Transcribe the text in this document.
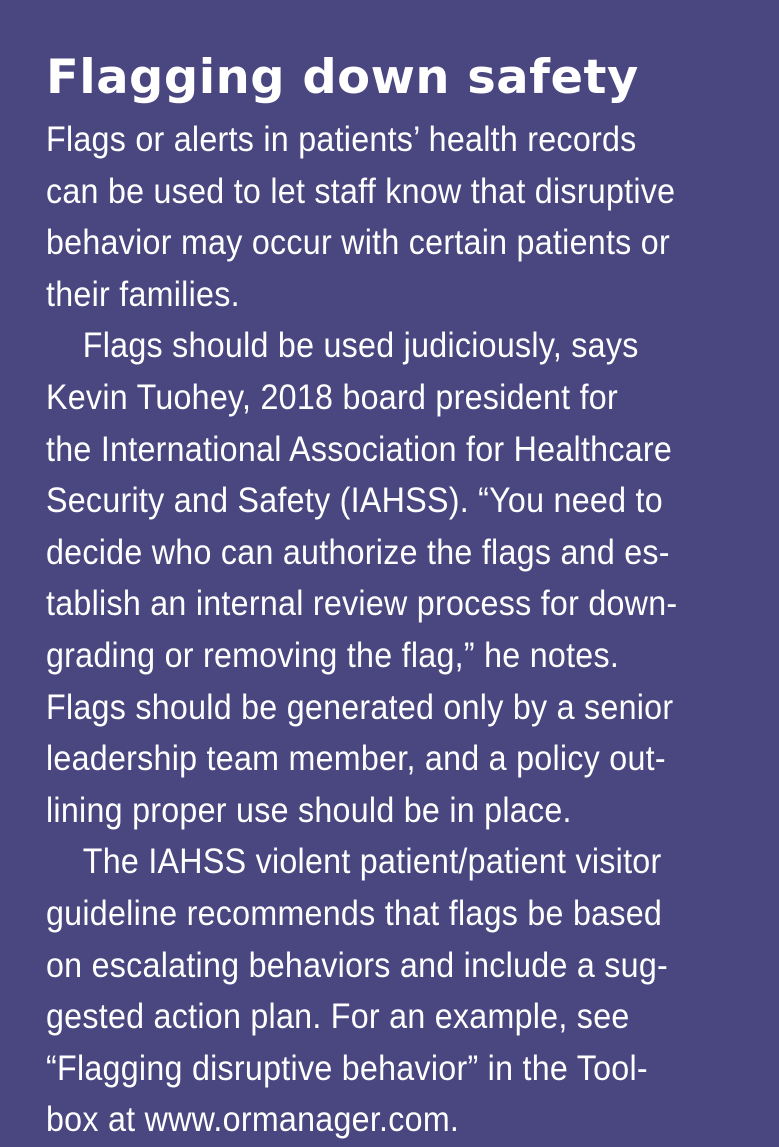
Flagging down safety

Flags or alerts in patients’ health records
can be used to let staff know that disruptive
behavior may occur with certain patients or
their families.

Flags should be used judiciously, says
Kevin Tuohey, 2018 board president for
the International Association for Healthcare
Security and Safety (IAHSS). “You need to
decide who can authorize the flags and es-
tablish an internal review process for down-
grading or removing the flag,” he notes.
Flags should be generated only by a senior
leadership team member, and a policy out-
lining proper use should be in place.

The IAHSS violent patient/patient visitor
guideline recommends that flags be based
on escalating behaviors and include a sug-
gested action plan. For an example, see
“Flagging disruptive behavior” in the Tool-
box at www.ormanager.com.
